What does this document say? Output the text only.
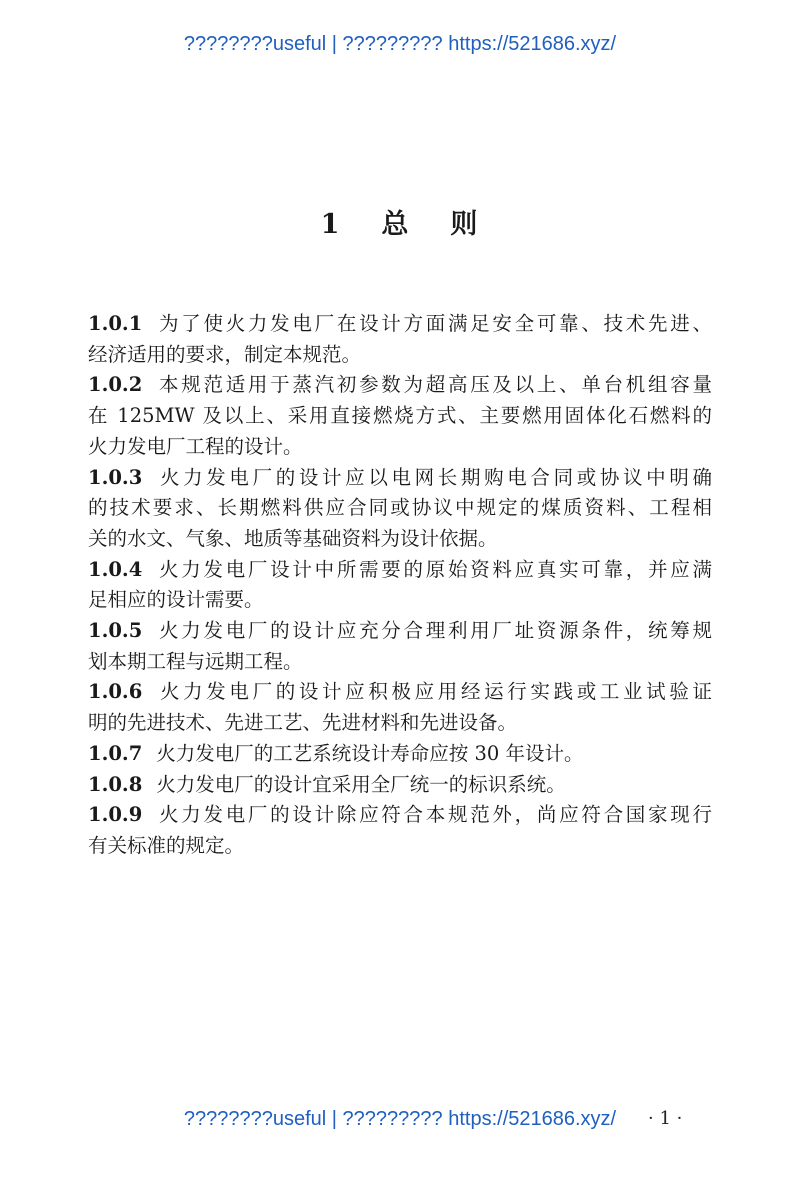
????????useful | ????????? https://521686.xyz/
1 总 则
1.0.1 为了使火力发电厂在设计方面满足安全可靠、技术先进、
经济适用的要求，制定本规范。
1.0.2 本规范适用于蒸汽初参数为超高压及以上、单台机组容量
在 125MW 及以上、采用直接燃烧方式、主要燃用固体化石燃料的
火力发电厂工程的设计。
1.0.3 火力发电厂的设计应以电网长期购电合同或协议中明确
的技术要求、长期燃料供应合同或协议中规定的煤质资料、工程相
关的水文、气象、地质等基础资料为设计依据。
1.0.4 火力发电厂设计中所需要的原始资料应真实可靠，并应满
足相应的设计需要。
1.0.5 火力发电厂的设计应充分合理利用厂址资源条件，统筹规
划本期工程与远期工程。
1.0.6 火力发电厂的设计应积极应用经运行实践或工业试验证
明的先进技术、先进工艺、先进材料和先进设备。
1.0.7 火力发电厂的工艺系统设计寿命应按 30 年设计。
1.0.8 火力发电厂的设计宜采用全厂统一的标识系统。
1.0.9 火力发电厂的设计除应符合本规范外，尚应符合国家现行
有关标准的规定。
????????useful | ????????? https://521686.xyz/	· 1 ·
